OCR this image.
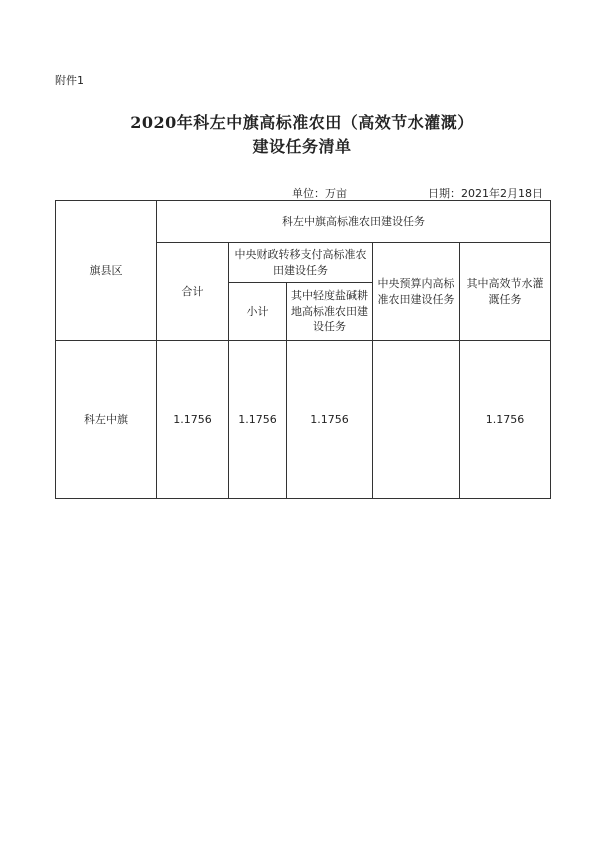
附件1
2020年科左中旗高标准农田（高效节水灌溉）
建设任务清单
单位：万亩	日期：2021年2月18日
旗县区	科左中旗高标准农田建设任务				
	合计	中央财政转移支付高标准农田建设任务		中央预算内高标准农田建设任务	其中高效节水灌溉任务
		小计	其中轻度盐碱耕地高标准农田建设任务		
科左中旗	1.1756	1.1756	1.1756		1.1756
